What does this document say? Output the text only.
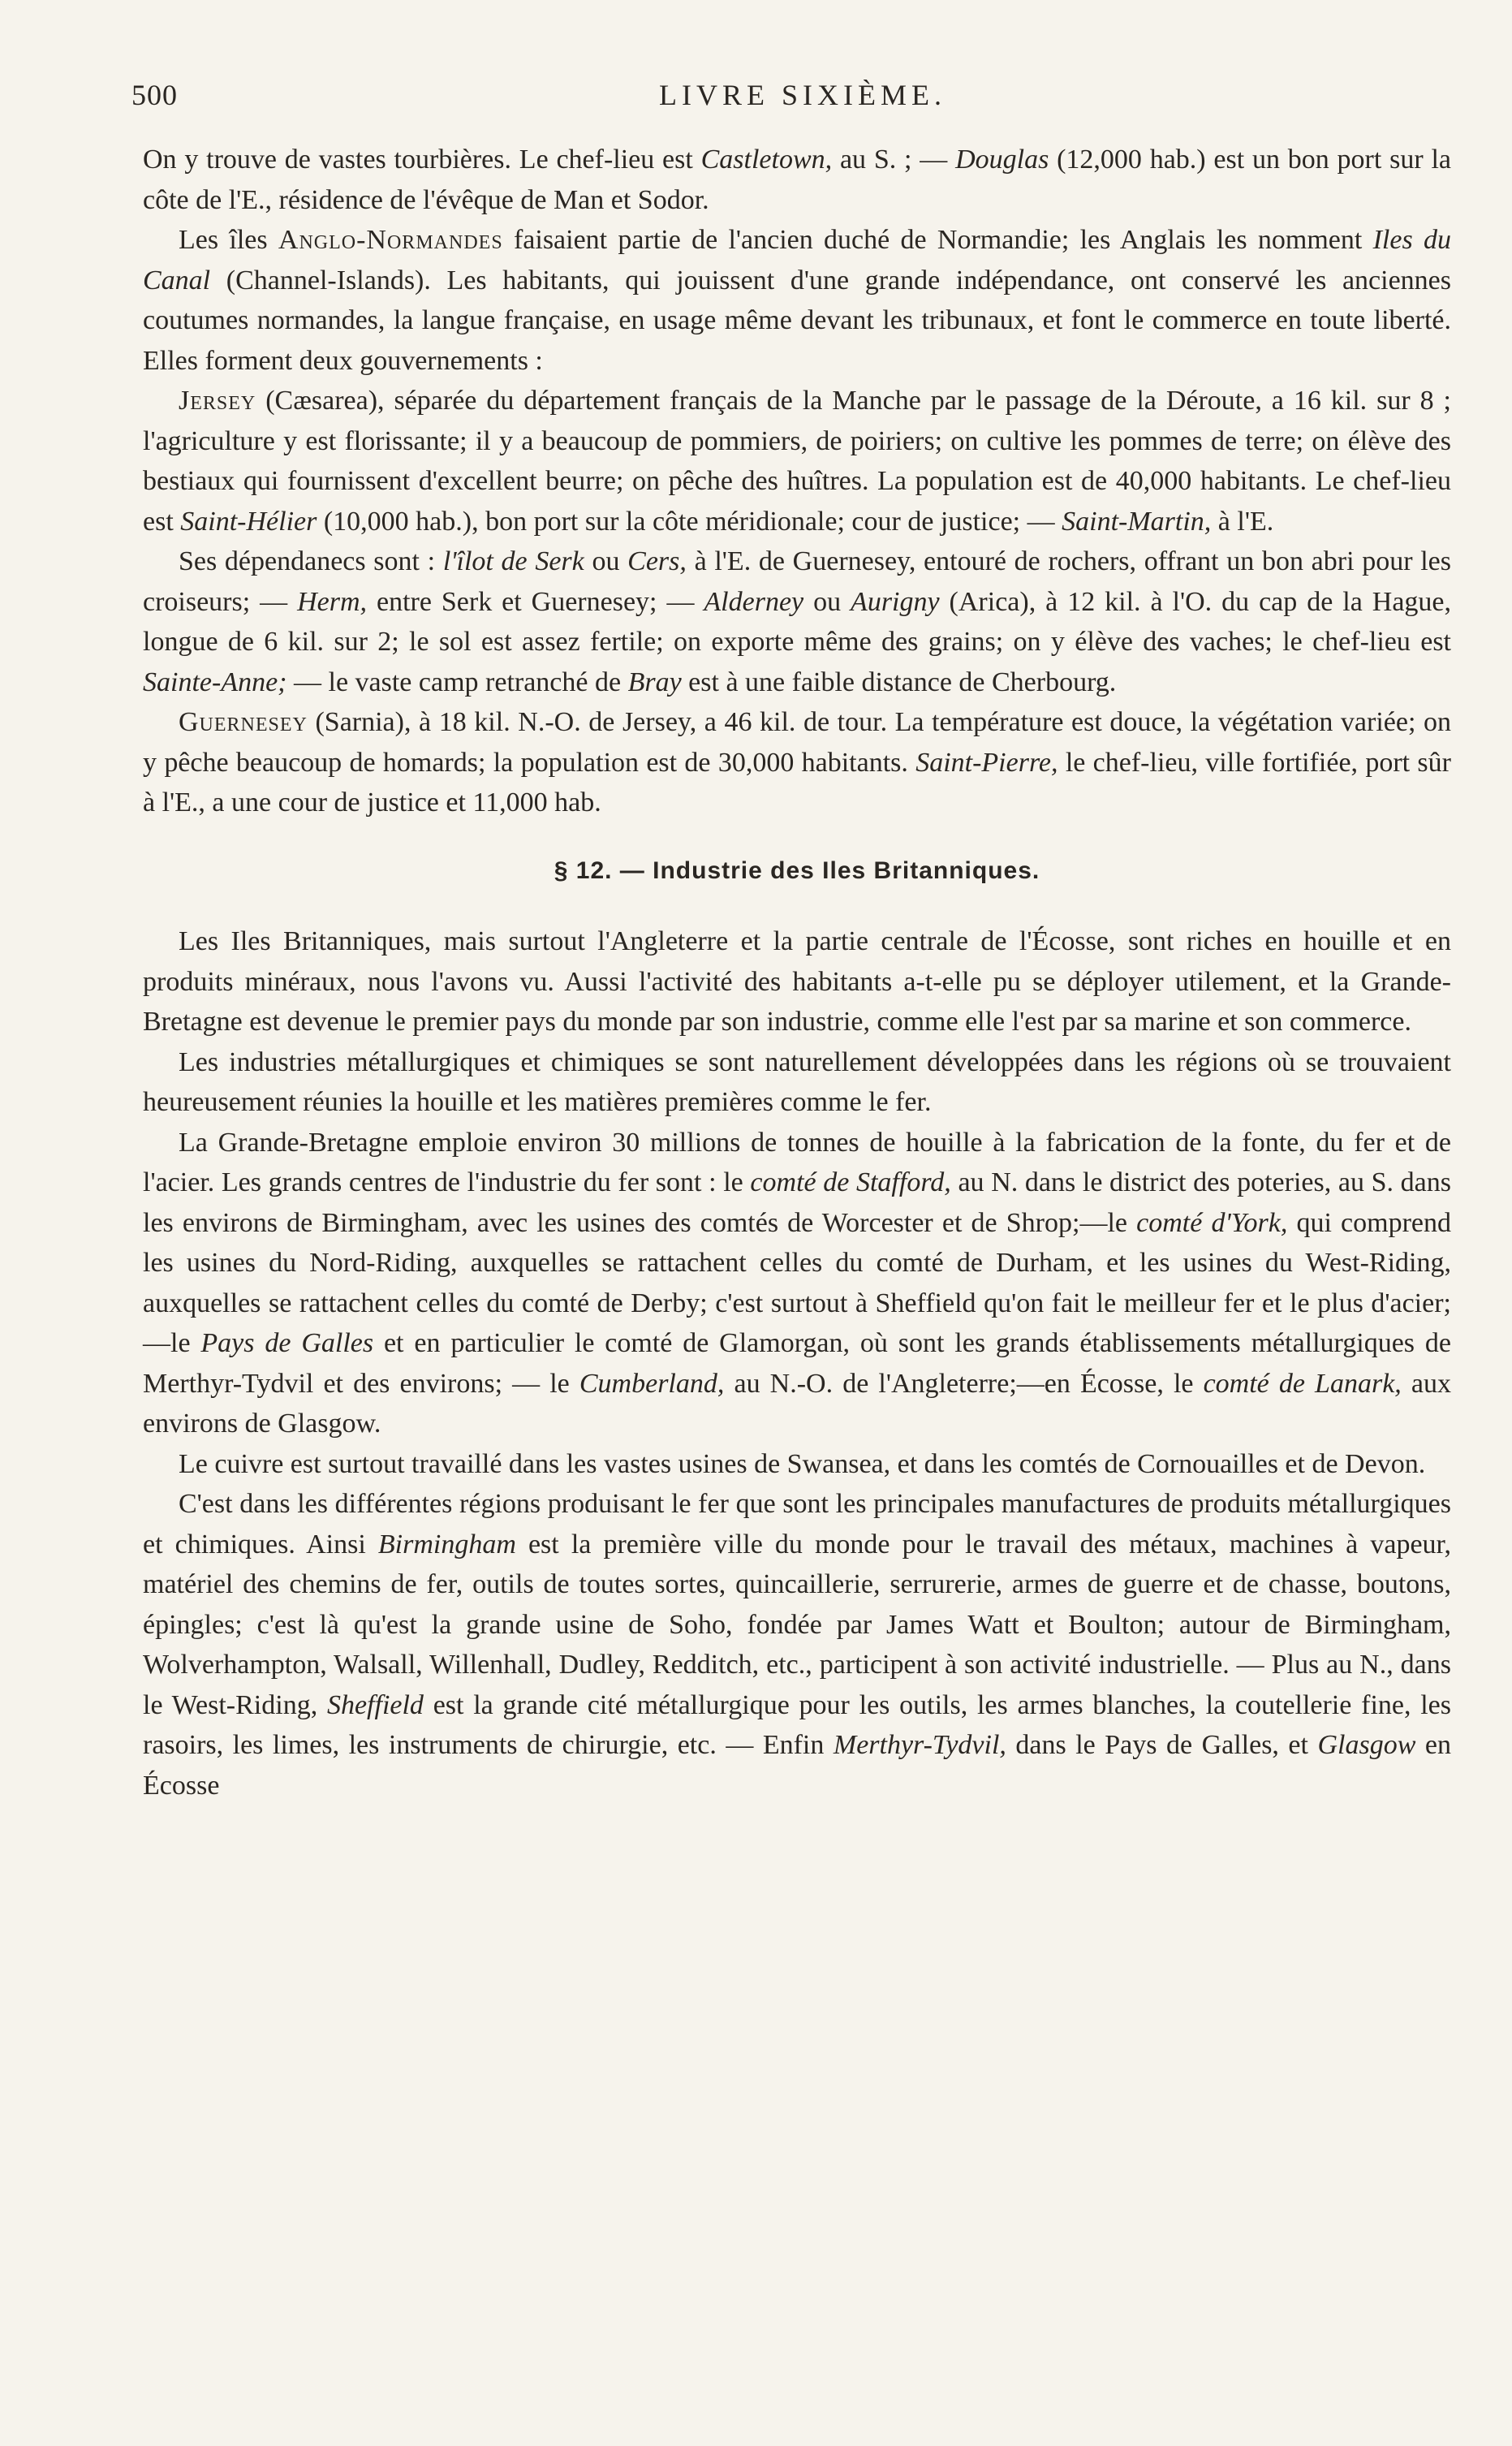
500	LIVRE SIXIÈME.

On y trouve de vastes tourbières. Le chef-lieu est Castletown, au S. ; — Douglas (12,000 hab.) est un bon port sur la côte de l'E., résidence de l'évêque de Man et Sodor.

Les îles Anglo-Normandes faisaient partie de l'ancien duché de Normandie; les Anglais les nomment Iles du Canal (Channel-Islands). Les habitants, qui jouissent d'une grande indépendance, ont conservé les anciennes coutumes normandes, la langue française, en usage même devant les tribunaux, et font le commerce en toute liberté. Elles forment deux gouvernements :

Jersey (Cæsarea), séparée du département français de la Manche par le passage de la Déroute, a 16 kil. sur 8 ; l'agriculture y est florissante; il y a beaucoup de pommiers, de poiriers; on cultive les pommes de terre; on élève des bestiaux qui fournissent d'excellent beurre; on pêche des huîtres. La population est de 40,000 habitants. Le chef-lieu est Saint-Hélier (10,000 hab.), bon port sur la côte méridionale; cour de justice; — Saint-Martin, à l'E.

Ses dépendanecs sont : l'îlot de Serk ou Cers, à l'E. de Guernesey, entouré de rochers, offrant un bon abri pour les croiseurs; — Herm, entre Serk et Guernesey; — Alderney ou Aurigny (Arica), à 12 kil. à l'O. du cap de la Hague, longue de 6 kil. sur 2; le sol est assez fertile; on exporte même des grains; on y élève des vaches; le chef-lieu est Sainte-Anne; — le vaste camp retranché de Bray est à une faible distance de Cherbourg.

Guernesey (Sarnia), à 18 kil. N.-O. de Jersey, a 46 kil. de tour. La température est douce, la végétation variée; on y pêche beaucoup de homards; la population est de 30,000 habitants. Saint-Pierre, le chef-lieu, ville fortifiée, port sûr à l'E., a une cour de justice et 11,000 hab.

§ 12. — Industrie des Iles Britanniques.

Les Iles Britanniques, mais surtout l'Angleterre et la partie centrale de l'Écosse, sont riches en houille et en produits minéraux, nous l'avons vu. Aussi l'activité des habitants a-t-elle pu se déployer utilement, et la Grande-Bretagne est devenue le premier pays du monde par son industrie, comme elle l'est par sa marine et son commerce.

Les industries métallurgiques et chimiques se sont naturellement développées dans les régions où se trouvaient heureusement réunies la houille et les matières premières comme le fer.

La Grande-Bretagne emploie environ 30 millions de tonnes de houille à la fabrication de la fonte, du fer et de l'acier. Les grands centres de l'industrie du fer sont : le comté de Stafford, au N. dans le district des poteries, au S. dans les environs de Birmingham, avec les usines des comtés de Worcester et de Shrop;—le comté d'York, qui comprend les usines du Nord-Riding, auxquelles se rattachent celles du comté de Durham, et les usines du West-Riding, auxquelles se rattachent celles du comté de Derby; c'est surtout à Sheffield qu'on fait le meilleur fer et le plus d'acier;—le Pays de Galles et en particulier le comté de Glamorgan, où sont les grands établissements métallurgiques de Merthyr-Tydvil et des environs; — le Cumberland, au N.-O. de l'Angleterre;—en Écosse, le comté de Lanark, aux environs de Glasgow.

Le cuivre est surtout travaillé dans les vastes usines de Swansea, et dans les comtés de Cornouailles et de Devon.

C'est dans les différentes régions produisant le fer que sont les principales manufactures de produits métallurgiques et chimiques. Ainsi Birmingham est la première ville du monde pour le travail des métaux, machines à vapeur, matériel des chemins de fer, outils de toutes sortes, quincaillerie, serrurerie, armes de guerre et de chasse, boutons, épingles; c'est là qu'est la grande usine de Soho, fondée par James Watt et Boulton; autour de Birmingham, Wolverhampton, Walsall, Willenhall, Dudley, Redditch, etc., participent à son activité industrielle. — Plus au N., dans le West-Riding, Sheffield est la grande cité métallurgique pour les outils, les armes blanches, la coutellerie fine, les rasoirs, les limes, les instruments de chirurgie, etc. — Enfin Merthyr-Tydvil, dans le Pays de Galles, et Glasgow en Écosse
